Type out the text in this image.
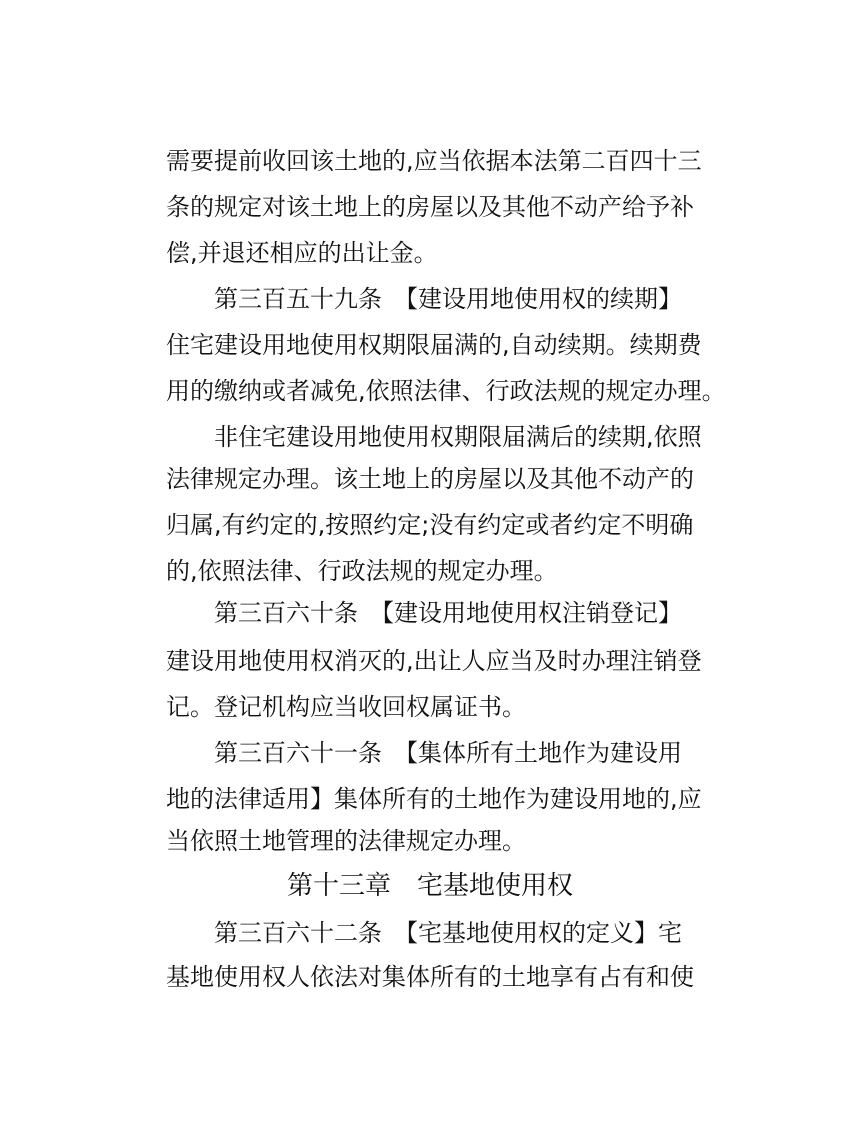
需要提前收回该土地的,应当依据本法第二百四十三
条的规定对该土地上的房屋以及其他不动产给予补
偿,并退还相应的出让金。
第三百五十九条　【建设用地使用权的续期】
住宅建设用地使用权期限届满的,自动续期。续期费
用的缴纳或者减免,依照法律、行政法规的规定办理。
非住宅建设用地使用权期限届满后的续期,依照
法律规定办理。该土地上的房屋以及其他不动产的
归属,有约定的,按照约定;没有约定或者约定不明确
的,依照法律、行政法规的规定办理。
第三百六十条　【建设用地使用权注销登记】
建设用地使用权消灭的,出让人应当及时办理注销登
记。登记机构应当收回权属证书。
第三百六十一条　【集体所有土地作为建设用
地的法律适用】集体所有的土地作为建设用地的,应
当依照土地管理的法律规定办理。
第十三章　宅基地使用权
第三百六十二条　【宅基地使用权的定义】宅
基地使用权人依法对集体所有的土地享有占有和使
